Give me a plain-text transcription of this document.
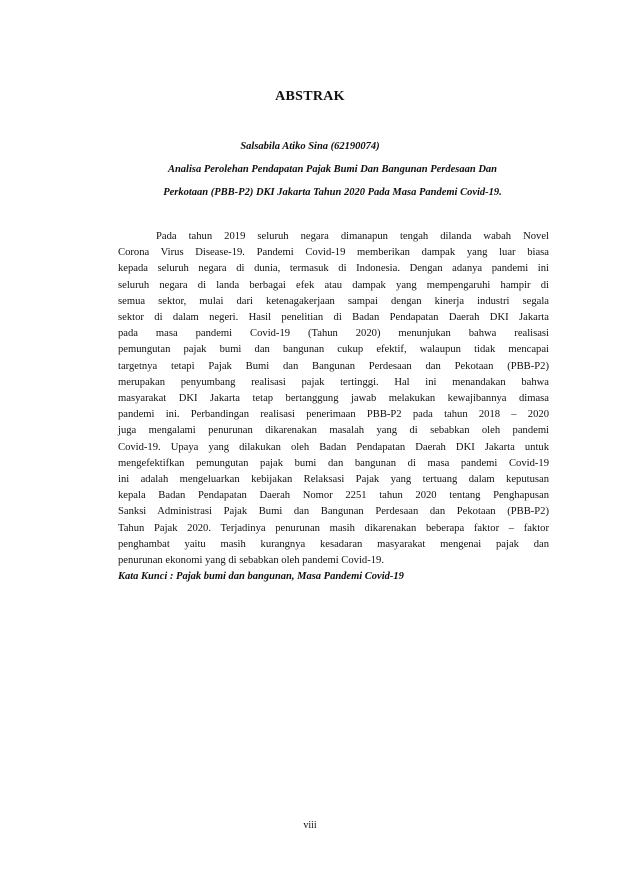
ABSTRAK
Salsabila Atiko Sina (62190074)
Analisa Perolehan Pendapatan Pajak Bumi Dan Bangunan Perdesaan Dan
Perkotaan (PBB-P2) DKI Jakarta Tahun 2020 Pada Masa Pandemi Covid-19.
Pada tahun 2019 seluruh negara dimanapun tengah dilanda wabah Novel
Corona Virus Disease-19. Pandemi Covid-19 memberikan dampak yang luar biasa
kepada seluruh negara di dunia, termasuk di Indonesia. Dengan adanya pandemi ini
seluruh negara di landa berbagai efek atau dampak yang mempengaruhi hampir di
semua sektor, mulai dari ketenagakerjaan sampai dengan kinerja industri segala
sektor di dalam negeri. Hasil penelitian di Badan Pendapatan Daerah DKI Jakarta
pada masa pandemi Covid-19 (Tahun 2020) menunjukan bahwa realisasi
pemungutan pajak bumi dan bangunan cukup efektif, walaupun tidak mencapai
targetnya tetapi Pajak Bumi dan Bangunan Perdesaan dan Pekotaan (PBB-P2)
merupakan penyumbang realisasi pajak tertinggi. Hal ini menandakan bahwa
masyarakat DKI Jakarta tetap bertanggung jawab melakukan kewajibannya dimasa
pandemi ini. Perbandingan realisasi penerimaan PBB-P2 pada tahun 2018 – 2020
juga mengalami penurunan dikarenakan masalah yang di sebabkan oleh pandemi
Covid-19. Upaya yang dilakukan oleh Badan Pendapatan Daerah DKI Jakarta untuk
mengefektifkan pemungutan pajak bumi dan bangunan di masa pandemi Covid-19
ini adalah mengeluarkan kebijakan Relaksasi Pajak yang tertuang dalam keputusan
kepala Badan Pendapatan Daerah Nomor 2251 tahun 2020 tentang Penghapusan
Sanksi Administrasi Pajak Bumi dan Bangunan Perdesaan dan Pekotaan (PBB-P2)
Tahun Pajak 2020. Terjadinya penurunan masih dikarenakan beberapa faktor – faktor
penghambat yaitu masih kurangnya kesadaran masyarakat mengenai pajak dan
penurunan ekonomi yang di sebabkan oleh pandemi Covid-19.
Kata Kunci : Pajak bumi dan bangunan, Masa Pandemi Covid-19
viii
